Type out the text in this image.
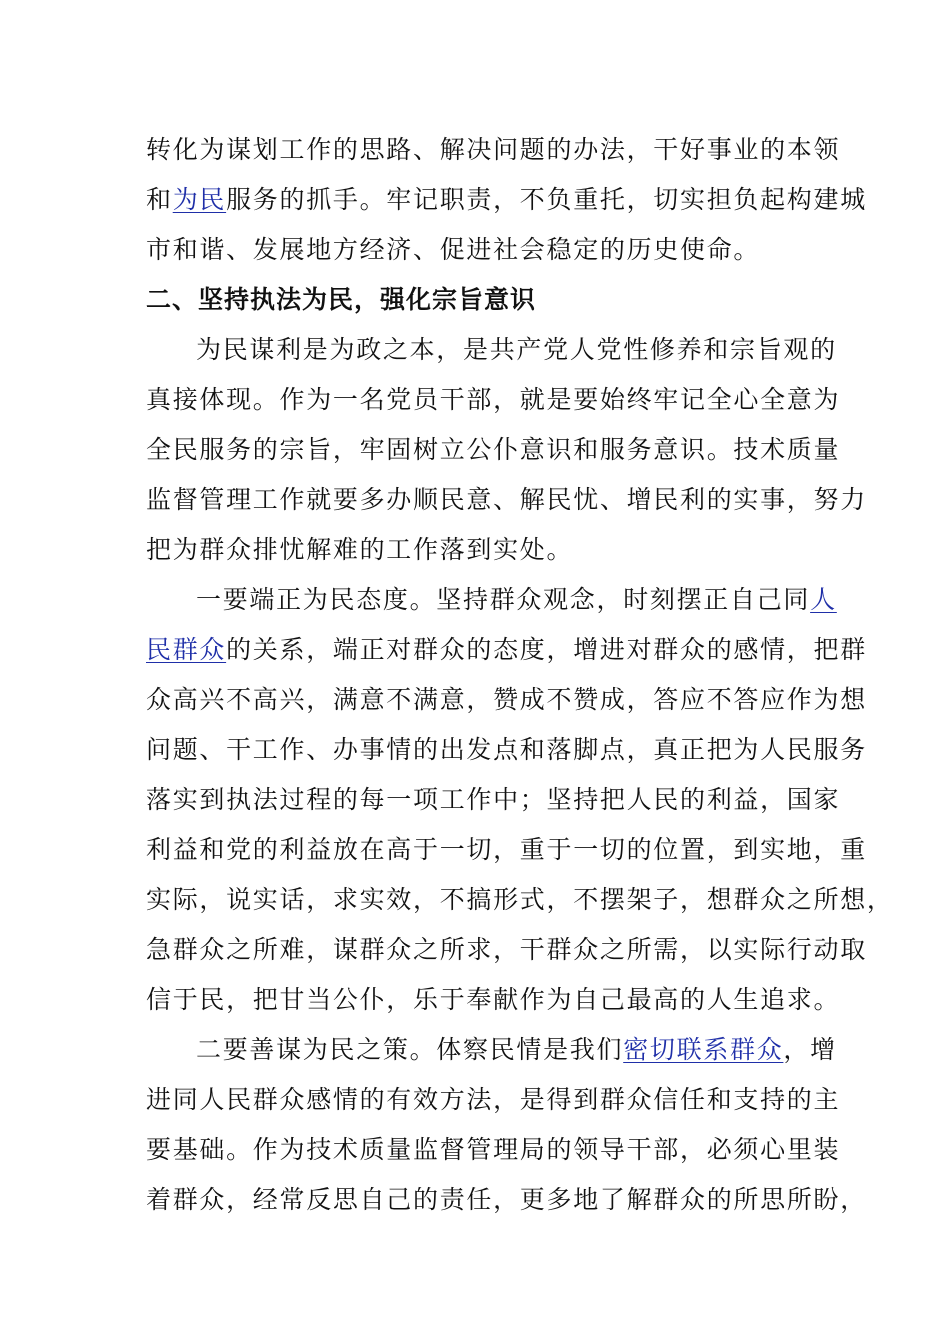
转化为谋划工作的思路、解决问题的办法，干好事业的本领
和为民服务的抓手。牢记职责，不负重托，切实担负起构建城
市和谐、发展地方经济、促进社会稳定的历史使命。
二、坚持执法为民，强化宗旨意识
为民谋利是为政之本，是共产党人党性修养和宗旨观的
真接体现。作为一名党员干部，就是要始终牢记全心全意为
全民服务的宗旨，牢固树立公仆意识和服务意识。技术质量
监督管理工作就要多办顺民意、解民忧、增民利的实事，努力
把为群众排忧解难的工作落到实处。
一要端正为民态度。坚持群众观念，时刻摆正自己同人
民群众的关系，端正对群众的态度，增进对群众的感情，把群
众高兴不高兴，满意不满意，赞成不赞成，答应不答应作为想
问题、干工作、办事情的出发点和落脚点，真正把为人民服务
落实到执法过程的每一项工作中；坚持把人民的利益，国家
利益和党的利益放在高于一切，重于一切的位置，到实地，重
实际，说实话，求实效，不搞形式，不摆架子，想群众之所想，
急群众之所难，谋群众之所求，干群众之所需，以实际行动取
信于民，把甘当公仆，乐于奉献作为自己最高的人生追求。
二要善谋为民之策。体察民情是我们密切联系群众，增
进同人民群众感情的有效方法，是得到群众信任和支持的主
要基础。作为技术质量监督管理局的领导干部，必须心里装
着群众，经常反思自己的责任，更多地了解群众的所思所盼，
